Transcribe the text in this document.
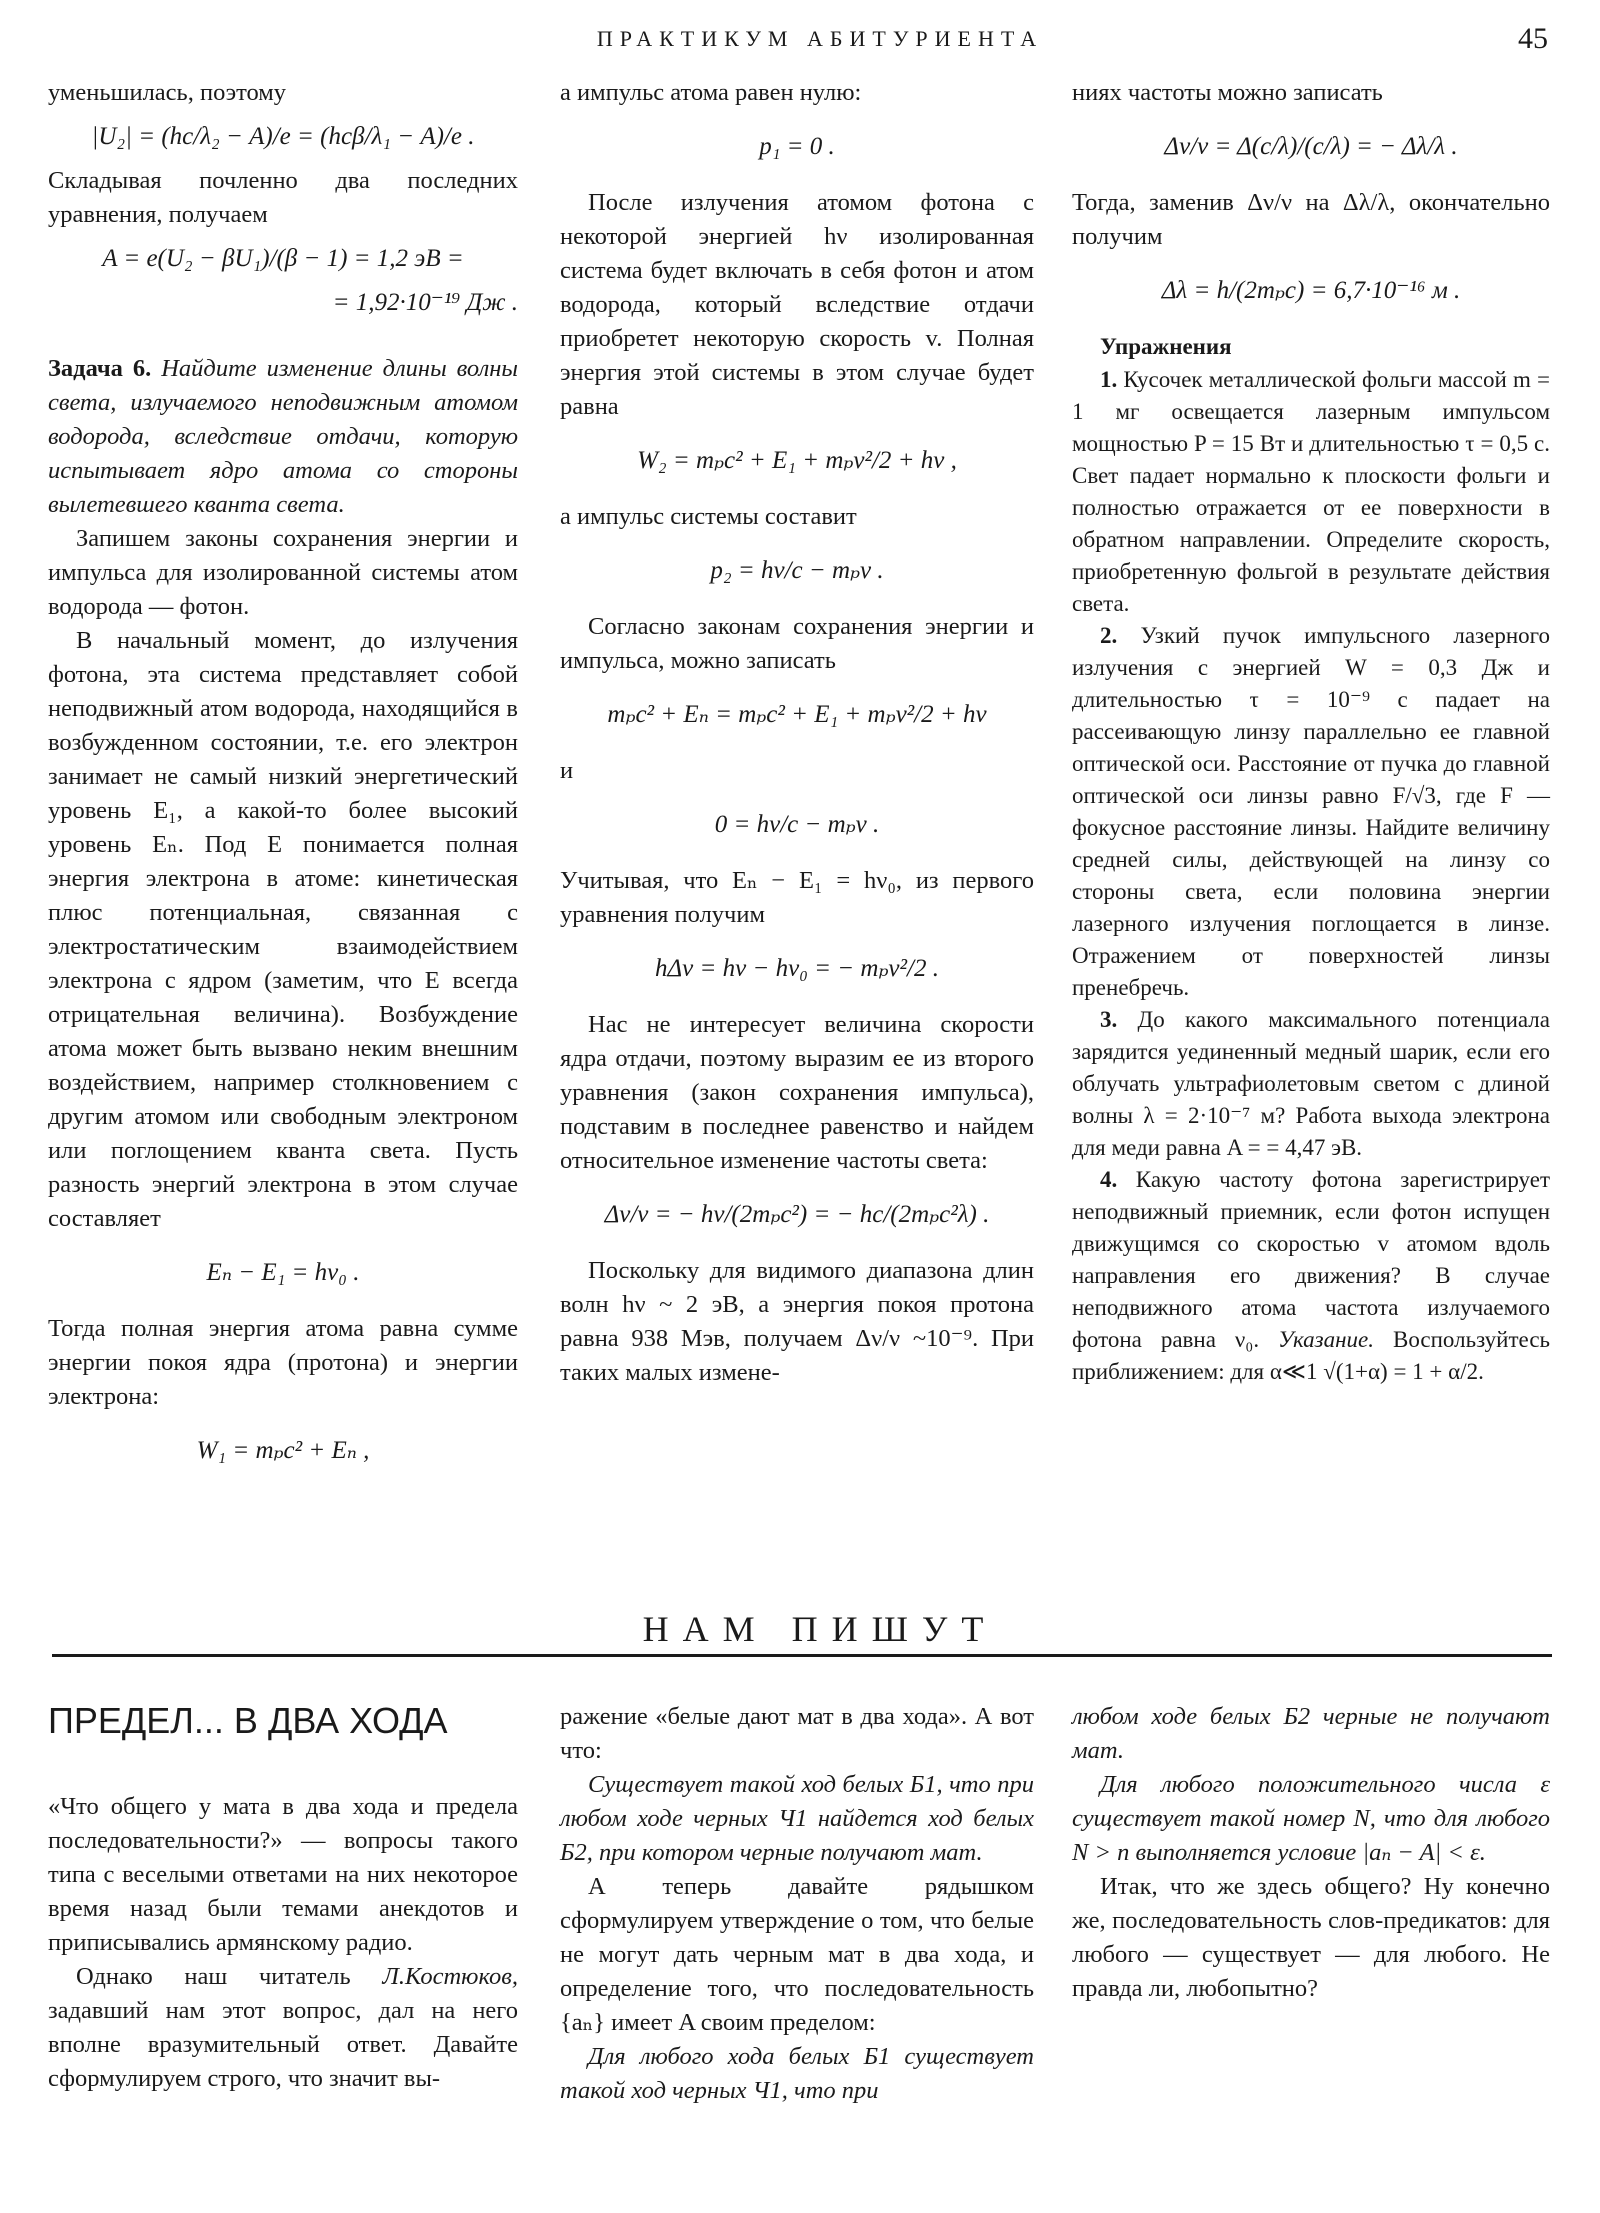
ПРАКТИКУМ АБИТУРИЕНТА	45

уменьшилась, поэтому

|U₂| = (hc/λ₂ − A)/e = (hcβ/λ₁ − A)/e .

Складывая почленно два последних уравнения, получаем

A = e(U₂ − βU₁)/(β − 1) = 1,2 эВ =
= 1,92·10⁻¹⁹ Дж .

Задача 6. Найдите изменение длины волны света, излучаемого неподвижным атомом водорода, вследствие отдачи, которую испытывает ядро атома со стороны вылетевшего кванта света.

Запишем законы сохранения энергии и импульса для изолированной системы атом водорода — фотон.

В начальный момент, до излучения фотона, эта система представляет собой неподвижный атом водорода, находящийся в возбужденном состоянии, т.е. его электрон занимает не самый низкий энергетический уровень E₁, а какой-то более высокий уровень Eₙ. Под E понимается полная энергия электрона в атоме: кинетическая плюс потенциальная, связанная с электростатическим взаимодействием электрона с ядром (заметим, что E всегда отрицательная величина). Возбуждение атома может быть вызвано неким внешним воздействием, например столкновением с другим атомом или свободным электроном или поглощением кванта света. Пусть разность энергий электрона в этом случае составляет

Eₙ − E₁ = hν₀ .

Тогда полная энергия атома равна сумме энергии покоя ядра (протона) и энергии электрона:

W₁ = mₚc² + Eₙ ,

а импульс атома равен нулю:

p₁ = 0 .

После излучения атомом фотона с некоторой энергией hν изолированная система будет включать в себя фотон и атом водорода, который вследствие отдачи приобретет некоторую скорость v. Полная энергия этой системы в этом случае будет равна

W₂ = mₚc² + E₁ + mₚv²/2 + hν ,

а импульс системы составит

p₂ = hν/c − mₚv .

Согласно законам сохранения энергии и импульса, можно записать

mₚc² + Eₙ = mₚc² + E₁ + mₚv²/2 + hν

и

0 = hν/c − mₚv .

Учитывая, что Eₙ − E₁ = hν₀, из первого уравнения получим

hΔν = hν − hν₀ = − mₚv²/2 .

Нас не интересует величина скорости ядра отдачи, поэтому выразим ее из второго уравнения (закон сохранения импульса), подставим в последнее равенство и найдем относительное изменение частоты света:

Δν/ν = − hν/(2mₚc²) = − hc/(2mₚc²λ) .

Поскольку для видимого диапазона длин волн hν ~ 2 эВ, а энергия покоя протона равна 938 Мэв, получаем Δν/ν ~10⁻⁹. При таких малых измене-

ниях частоты можно записать

Δν/ν = Δ(c/λ)/(c/λ) = − Δλ/λ .

Тогда, заменив Δν/ν на Δλ/λ, окончательно получим

Δλ = h/(2mₚc) = 6,7·10⁻¹⁶ м .

Упражнения

1. Кусочек металлической фольги массой m = 1 мг освещается лазерным импульсом мощностью P = 15 Вт и длительностью τ = 0,5 с. Свет падает нормально к плоскости фольги и полностью отражается от ее поверхности в обратном направлении. Определите скорость, приобретенную фольгой в результате действия света.

2. Узкий пучок импульсного лазерного излучения с энергией W = 0,3 Дж и длительностью τ = 10⁻⁹ с падает на рассеивающую линзу параллельно ее главной оптической оси. Расстояние от пучка до главной оптической оси линзы равно F/√3, где F — фокусное расстояние линзы. Найдите величину средней силы, действующей на линзу со стороны света, если половина энергии лазерного излучения поглощается в линзе. Отражением от поверхностей линзы пренебречь.

3. До какого максимального потенциала зарядится уединенный медный шарик, если его облучать ультрафиолетовым светом с длиной волны λ = 2·10⁻⁷ м? Работа выхода электрона для меди равна A = = 4,47 эВ.

4. Какую частоту фотона зарегистрирует неподвижный приемник, если фотон испущен движущимся со скоростью v атомом вдоль направления его движения? В случае неподвижного атома частота излучаемого фотона равна ν₀. Указание. Воспользуйтесь приближением: для α≪1 √(1+α) = 1 + α/2.

НАМ ПИШУТ
ПРЕДЕЛ... В ДВА ХОДА

«Что общего у мата в два хода и предела последовательности?» — вопросы такого типа с веселыми ответами на них некоторое время назад были темами анекдотов и приписывались армянскому радио.

Однако наш читатель Л.Костюков, задавший нам этот вопрос, дал на него вполне вразумительный ответ. Давайте сформулируем строго, что значит вы-

ражение «белые дают мат в два хода». А вот что:

Существует такой ход белых Б1, что при любом ходе черных Ч1 найдется ход белых Б2, при котором черные получают мат.

А теперь давайте рядышком сформулируем утверждение о том, что белые не могут дать черным мат в два хода, и определение того, что последовательность {aₙ} имеет A своим пределом:

Для любого хода белых Б1 существует такой ход черных Ч1, что при

любом ходе белых Б2 черные не получают мат.

Для любого положительного числа ε существует такой номер N, что для любого N > n выполняется условие |aₙ − A| < ε.

Итак, что же здесь общего? Ну конечно же, последовательность слов-предикатов: для любого — существует — для любого. Не правда ли, любопытно?
